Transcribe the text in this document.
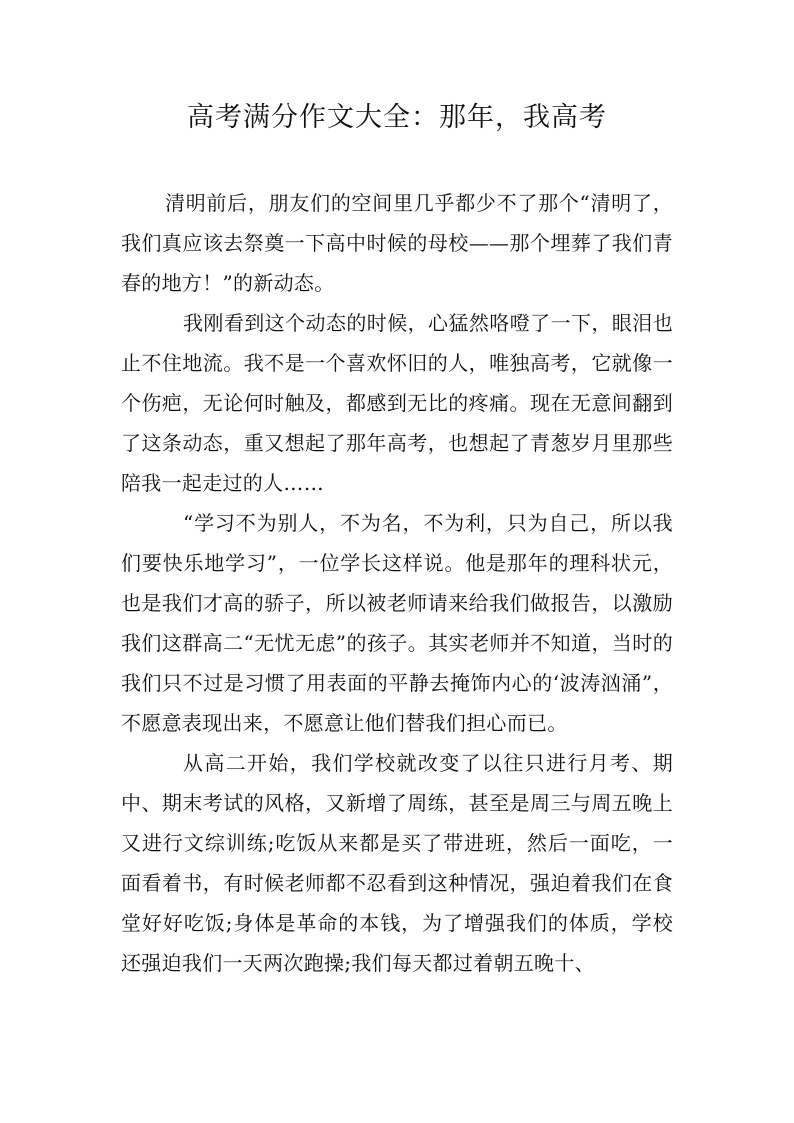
高考满分作文大全：那年，我高考

清明前后，朋友们的空间里几乎都少不了那个“清明了，我们真应该去祭奠一下高中时候的母校——那个埋葬了我们青春的地方！”的新动态。

我刚看到这个动态的时候，心猛然咯噔了一下，眼泪也止不住地流。我不是一个喜欢怀旧的人，唯独高考，它就像一个伤疤，无论何时触及，都感到无比的疼痛。现在无意间翻到了这条动态，重又想起了那年高考，也想起了青葱岁月里那些陪我一起走过的人……

“学习不为别人，不为名，不为利，只为自己，所以我们要快乐地学习”，一位学长这样说。他是那年的理科状元，也是我们才高的骄子，所以被老师请来给我们做报告，以激励我们这群高二“无忧无虑”的孩子。其实老师并不知道，当时的我们只不过是习惯了用表面的平静去掩饰内心的‘波涛汹涌”，不愿意表现出来，不愿意让他们替我们担心而已。

从高二开始，我们学校就改变了以往只进行月考、期中、期末考试的风格，又新增了周练，甚至是周三与周五晚上又进行文综训练;吃饭从来都是买了带进班，然后一面吃，一面看着书，有时候老师都不忍看到这种情况，强迫着我们在食堂好好吃饭;身体是革命的本钱，为了增强我们的体质，学校还强迫我们一天两次跑操;我们每天都过着朝五晚十、
